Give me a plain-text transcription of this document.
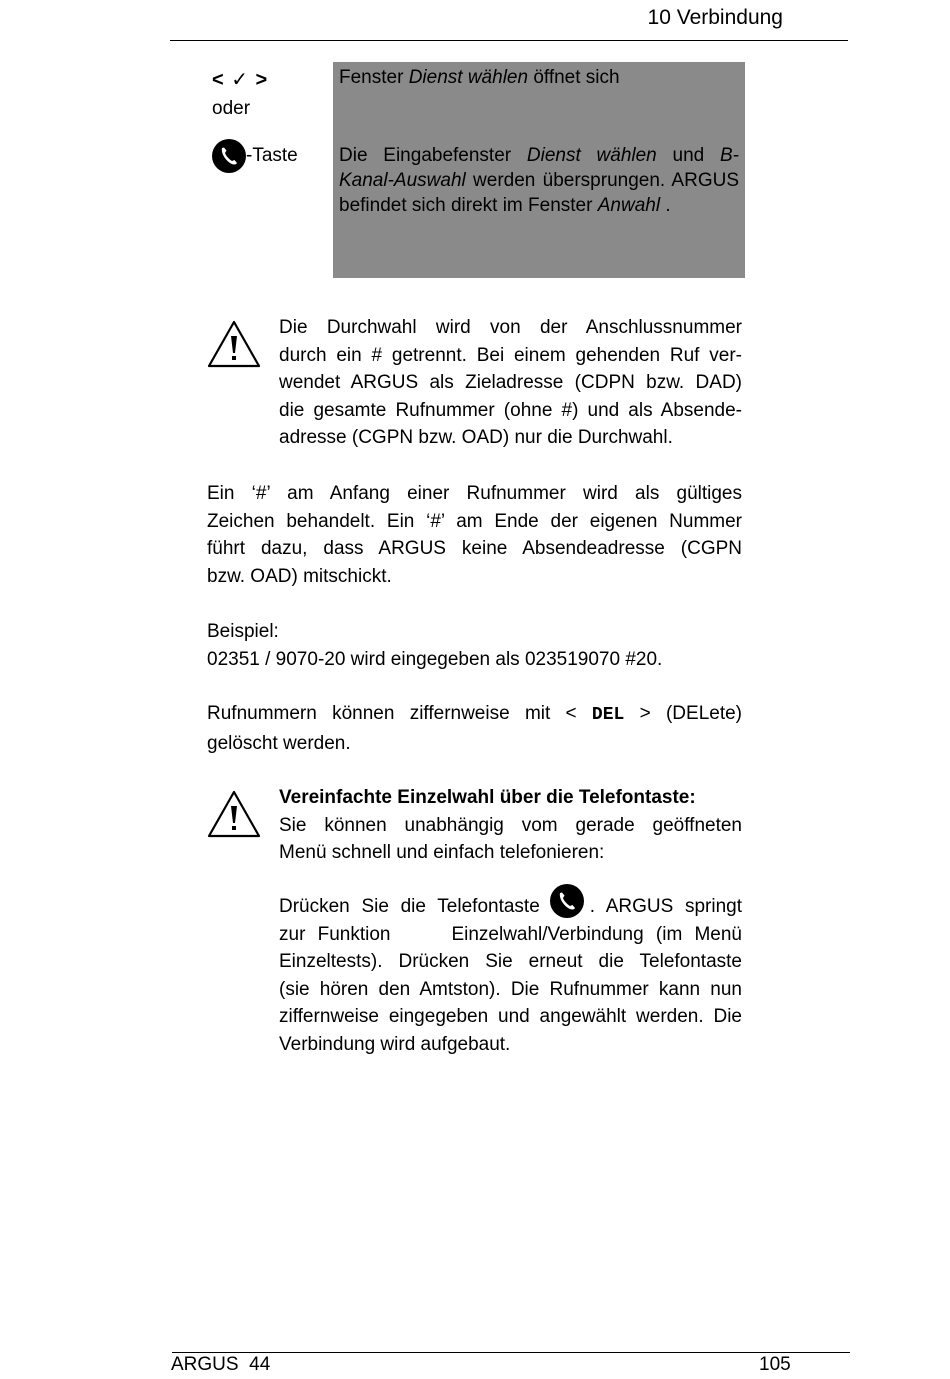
10 Verbindung
< ✓ >
oder
-Taste
Fenster Dienst wählen öffnet sich
Die Eingabefenster Dienst wählen und B-Kanal-Auswahl werden übersprungen. ARGUS befindet sich direkt im Fenster Anwahl .
Die Durchwahl wird von der Anschlussnummer
durch ein # getrennt. Bei einem gehenden Ruf ver-
wendet ARGUS als Zieladresse (CDPN bzw. DAD)
die gesamte Rufnummer (ohne #) und als Absende-
adresse (CGPN bzw. OAD) nur die Durchwahl.
Ein ‘#’ am Anfang einer Rufnummer wird als gültiges
Zeichen behandelt. Ein ‘#’ am Ende der eigenen Nummer
führt dazu, dass ARGUS keine Absendeadresse (CGPN
bzw. OAD) mitschickt.
Beispiel:
02351 / 9070-20 wird eingegeben als 023519070 #20.
Rufnummern können ziffernweise mit < DEL > (DELete)
gelöscht werden.
Vereinfachte Einzelwahl über die Telefontaste:
Sie können unabhängig vom gerade geöffneten
Menü schnell und einfach telefonieren:
Drücken Sie die Telefontaste	. ARGUS springt
zur Funktion     Einzelwahl/Verbindung (im Menü
Einzeltests). Drücken Sie erneut die Telefontaste
(sie hören den Amtston). Die Rufnummer kann nun
ziffernweise eingegeben und angewählt werden. Die
Verbindung wird aufgebaut.
ARGUS  44	105
